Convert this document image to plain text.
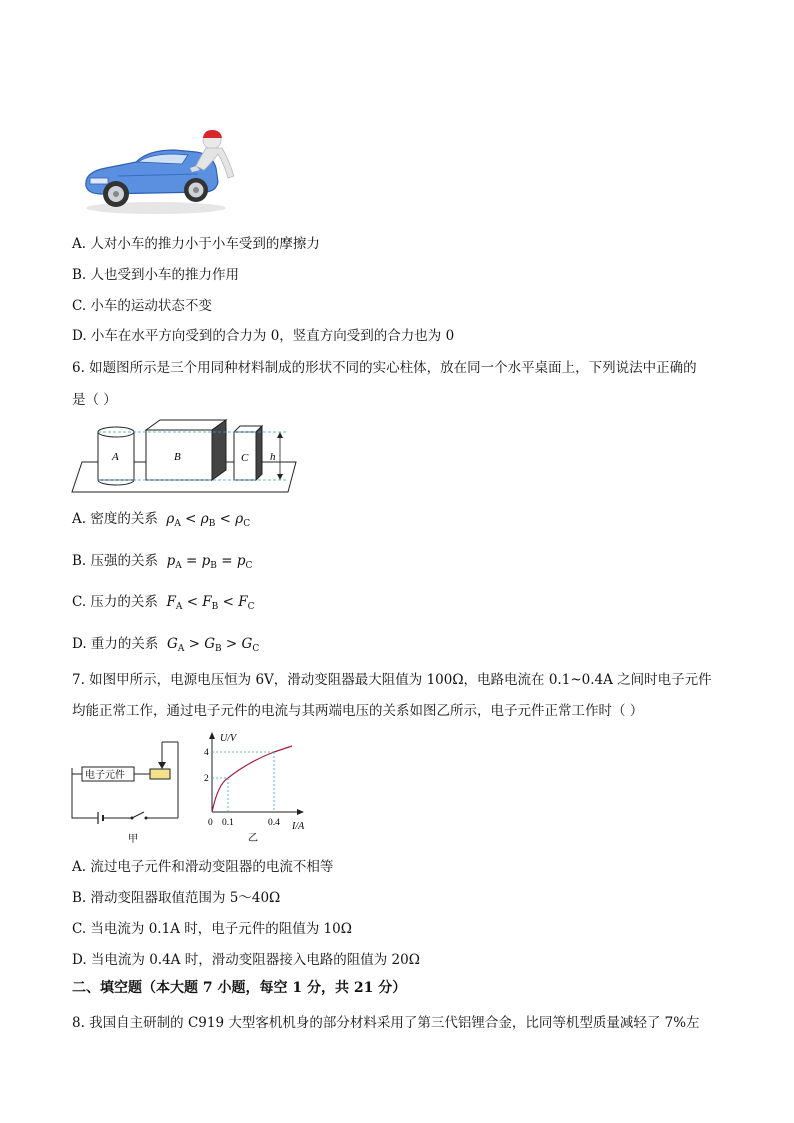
A. 人对小车的推力小于小车受到的摩擦力
B. 人也受到小车的推力作用
C. 小车的运动状态不变
D. 小车在水平方向受到的合力为 0，竖直方向受到的合力也为 0
6. 如题图所示是三个用同种材料制成的形状不同的实心柱体，放在同一个水平桌面上，下列说法中正确的
是（ ）
A	B	C h
A. 密度的关系  $\rho_A < \rho_B < \rho_C$
B. 压强的关系  $p_A = p_B = p_C$
C. 压力的关系  $F_A < F_B < F_C$
D. 重力的关系  $G_A > G_B > G_C$
7. 如图甲所示，电源电压恒为 6V，滑动变阻器最大阻值为 100Ω，电路电流在 0.1~0.4A 之间时电子元件
均能正常工作，通过电子元件的电流与其两端电压的关系如图乙所示，电子元件正常工作时（ ）
电子元件
甲
U/V
I/A
4
2
0 0.1	0.4
乙
A. 流过电子元件和滑动变阻器的电流不相等
B. 滑动变阻器取值范围为 5～40Ω
C. 当电流为 0.1A 时，电子元件的阻值为 10Ω
D. 当电流为 0.4A 时，滑动变阻器接入电路的阻值为 20Ω
二、填空题（本大题 7 小题，每空 1 分，共 21 分）
8. 我国自主研制的 C919 大型客机机身的部分材料采用了第三代铝锂合金，比同等机型质量减轻了 7%左
